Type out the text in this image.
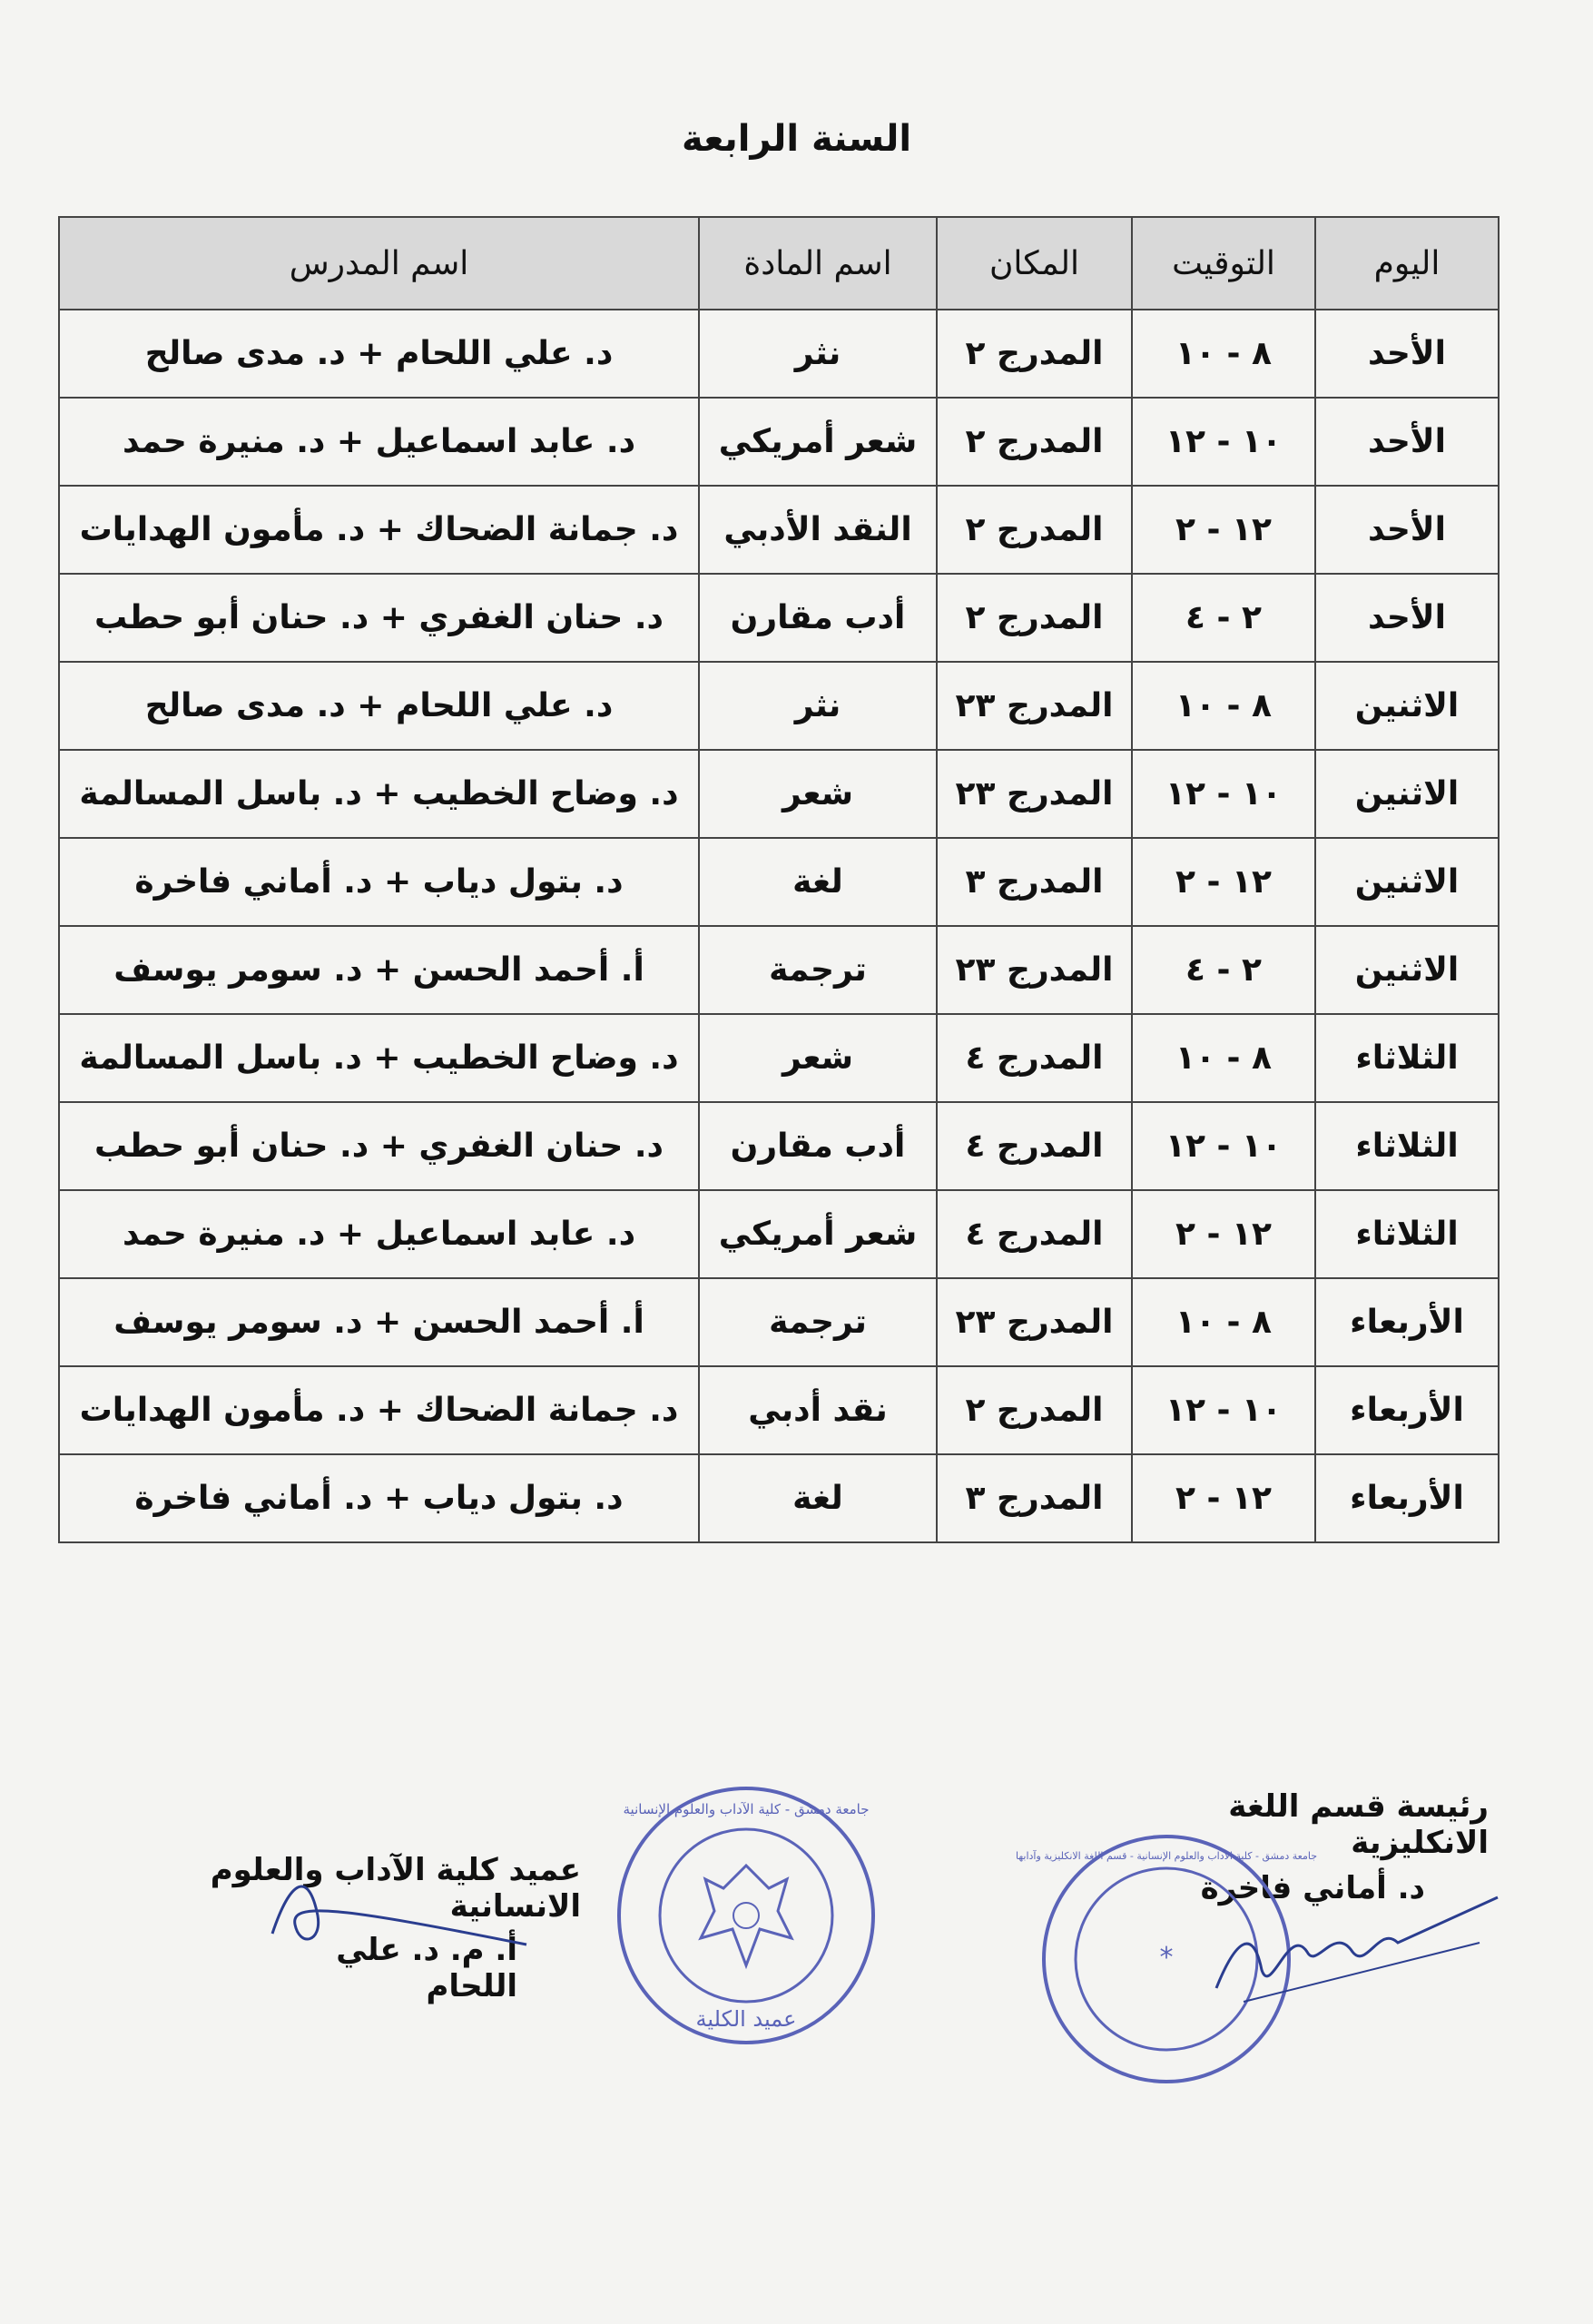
السنة الرابعة
اليوم	التوقيت	المكان	اسم المادة	اسم المدرس
الأحد	٨ - ١٠	المدرج ٢	نثر	د. علي اللحام + د. مدى صالح
الأحد	١٠ - ١٢	المدرج ٢	شعر أمريكي	د. عابد اسماعيل + د. منيرة حمد
الأحد	١٢ - ٢	المدرج ٢	النقد الأدبي	د. جمانة الضحاك + د. مأمون الهدايات
الأحد	٢ - ٤	المدرج ٢	أدب مقارن	د. حنان الغفري + د. حنان أبو حطب
الاثنين	٨ - ١٠	المدرج ٢٣	نثر	د. علي اللحام + د. مدى صالح
الاثنين	١٠ - ١٢	المدرج ٢٣	شعر	د. وضاح الخطيب + د. باسل المسالمة
الاثنين	١٢ - ٢	المدرج ٣	لغة	د. بتول دياب + د. أماني فاخرة
الاثنين	٢ - ٤	المدرج ٢٣	ترجمة	أ. أحمد الحسن + د. سومر يوسف
الثلاثاء	٨ - ١٠	المدرج ٤	شعر	د. وضاح الخطيب + د. باسل المسالمة
الثلاثاء	١٠ - ١٢	المدرج ٤	أدب مقارن	د. حنان الغفري + د. حنان أبو حطب
الثلاثاء	١٢ - ٢	المدرج ٤	شعر أمريكي	د. عابد اسماعيل + د. منيرة حمد
الأربعاء	٨ - ١٠	المدرج ٢٣	ترجمة	أ. أحمد الحسن + د. سومر يوسف
الأربعاء	١٠ - ١٢	المدرج ٢	نقد أدبي	د. جمانة الضحاك + د. مأمون الهدايات
الأربعاء	١٢ - ٢	المدرج ٣	لغة	د. بتول دياب + د. أماني فاخرة
عميد كلية الآداب والعلوم الانسانية
أ. م. د. علي اللحام
عميد الكلية
جامعة دمشق - كلية الآداب والعلوم الإنسانية	رئيسة قسم اللغة الانكليزية
د. أماني فاخرة
*
جامعة دمشق - كلية الآداب والعلوم الإنسانية - قسم اللغة الانكليزية وآدابها
